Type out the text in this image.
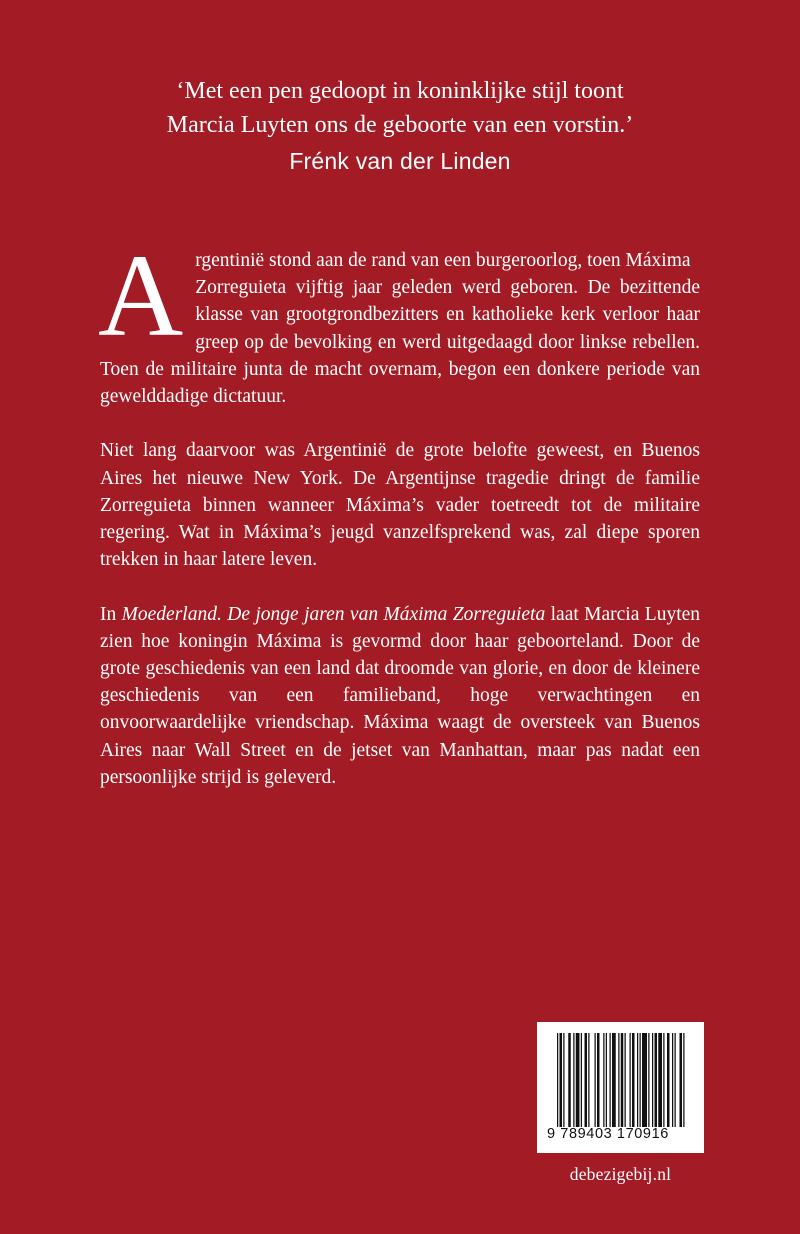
‘Met een pen gedoopt in koninklijke stijl toont
Marcia Luyten ons de geboorte van een vorstin.’
Frénk van der Linden

A rgentinië stond aan de rand van een burgeroorlog, toen Máxima
Zorreguieta vijftig jaar geleden werd geboren. De bezittende klasse van grootgrondbezitters en katholieke kerk verloor haar greep op de bevolking en werd uitgedaagd door linkse rebellen. Toen de militaire junta de macht overnam, begon een donkere periode van gewelddadige dictatuur.

Niet lang daarvoor was Argentinië de grote belofte geweest, en Buenos Aires het nieuwe New York. De Argentijnse tragedie dringt de familie Zorreguieta binnen wanneer Máxima’s vader toetreedt tot de militaire regering. Wat in Máxima’s jeugd vanzelfsprekend was, zal diepe sporen trekken in haar latere leven.

In Moederland. De jonge jaren van Máxima Zorreguieta laat Marcia Luyten zien hoe koningin Máxima is gevormd door haar geboorteland. Door de grote geschiedenis van een land dat droomde van glorie, en door de kleinere geschiedenis van een familieband, hoge verwachtingen en onvoorwaardelijke vriendschap. Máxima waagt de oversteek van Buenos Aires naar Wall Street en de jetset van Manhattan, maar pas nadat een persoonlijke strijd is geleverd.

9 789403 170916
debezigebij.nl
